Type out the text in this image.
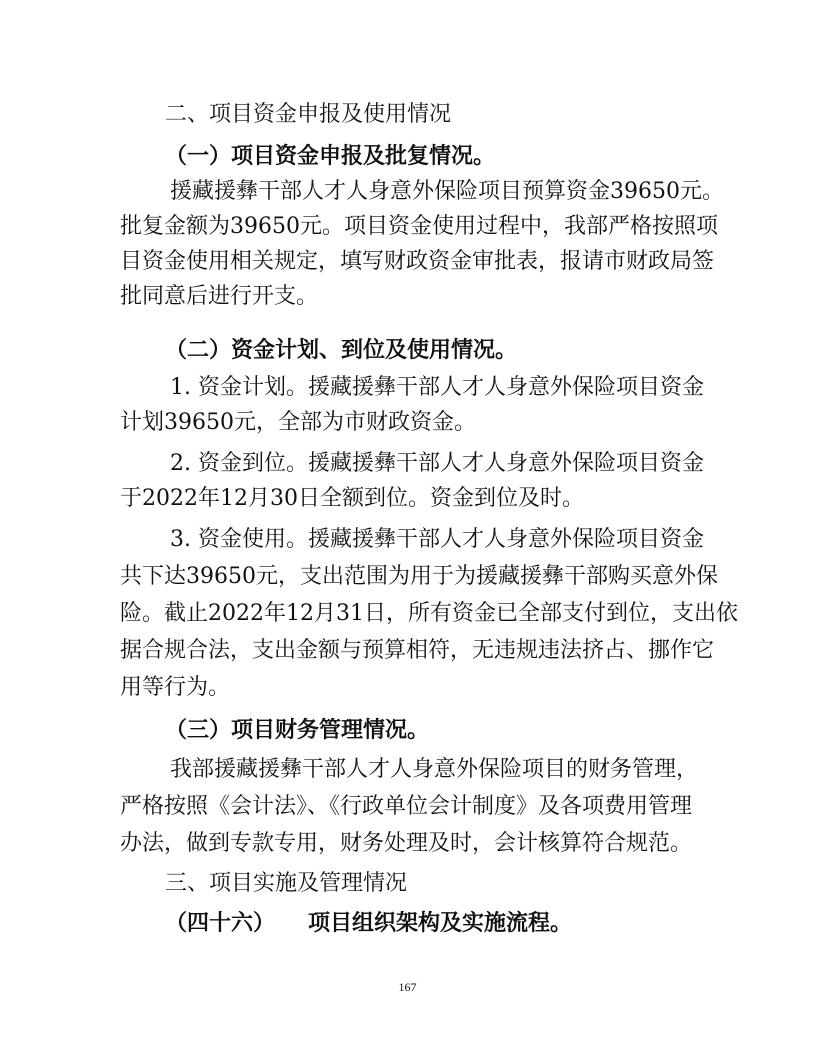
二、项目资金申报及使用情况
（一）项目资金申报及批复情况。
援藏援彝干部人才人身意外保险项目预算资金39650元。
批复金额为39650元。项目资金使用过程中，我部严格按照项
目资金使用相关规定，填写财政资金审批表，报请市财政局签
批同意后进行开支。
（二）资金计划、到位及使用情况。
1. 资金计划。援藏援彝干部人才人身意外保险项目资金
计划39650元，全部为市财政资金。
2. 资金到位。援藏援彝干部人才人身意外保险项目资金
于2022年12月30日全额到位。资金到位及时。
3. 资金使用。援藏援彝干部人才人身意外保险项目资金
共下达39650元，支出范围为用于为援藏援彝干部购买意外保
险。截止2022年12月31日，所有资金已全部支付到位，支出依
据合规合法，支出金额与预算相符，无违规违法挤占、挪作它
用等行为。
（三）项目财务管理情况。
我部援藏援彝干部人才人身意外保险项目的财务管理，
严格按照《会计法》、《行政单位会计制度》及各项费用管理
办法，做到专款专用，财务处理及时，会计核算符合规范。
三、项目实施及管理情况
（四十六）　　项目组织架构及实施流程。
167
